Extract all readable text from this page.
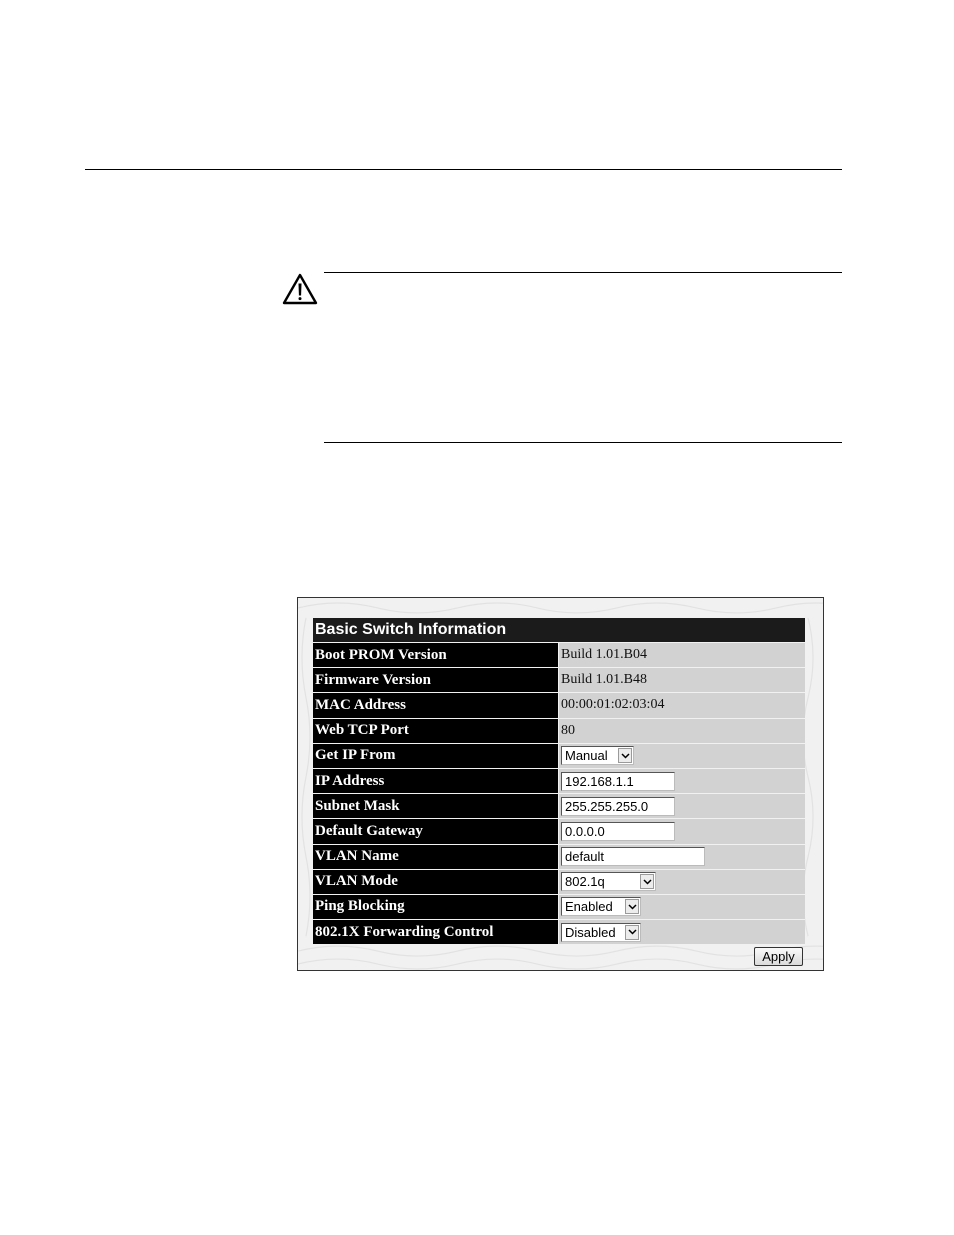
Basic Switch Information
Boot PROM Version	Build 1.01.B04
Firmware Version	Build 1.01.B48
MAC Address	00:00:01:02:03:04
Web TCP Port	80
Get IP From	Manual
IP Address	192.168.1.1
Subnet Mask	255.255.255.0
Default Gateway	0.0.0.0
VLAN Name	default
VLAN Mode	802.1q
Ping Blocking	Enabled
802.1X Forwarding Control	Disabled
Apply
